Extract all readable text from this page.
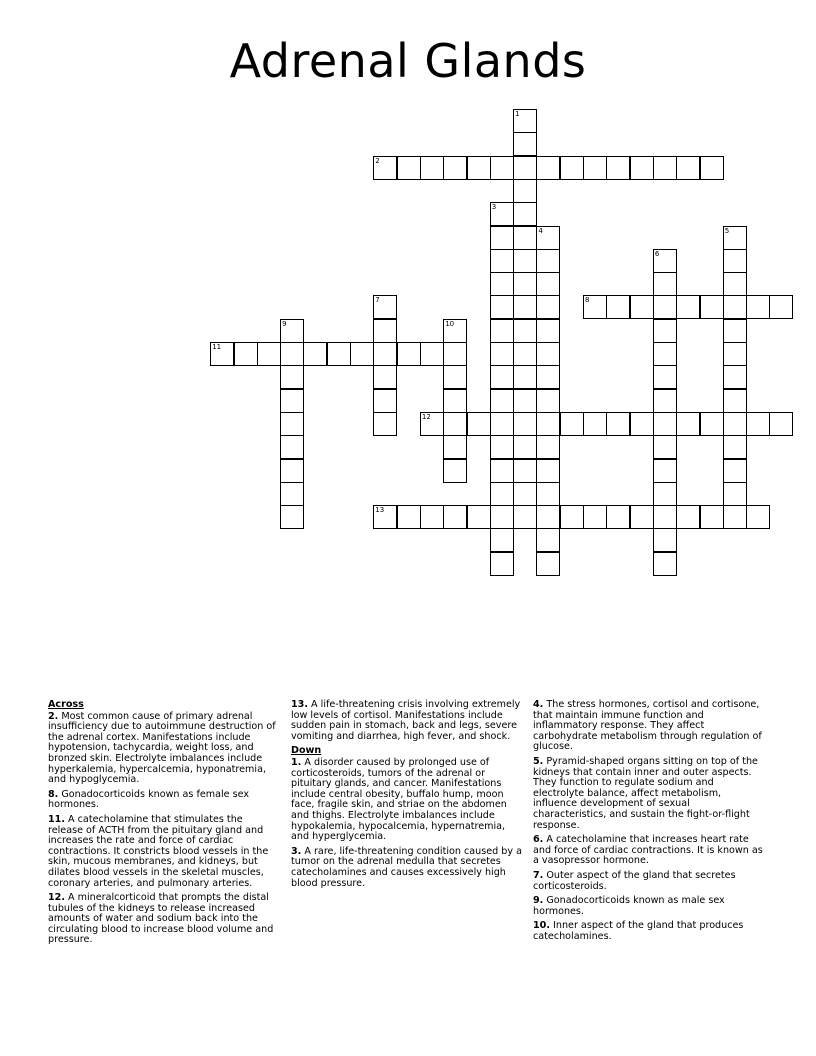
Adrenal Glands
1
2
3
4	5
6
7	8
9	10
11
12
13
Across
2. Most common cause of primary adrenal insufficiency due to autoimmune destruction of the adrenal cortex. Manifestations include hypotension, tachycardia, weight loss, and bronzed skin. Electrolyte imbalances include hyperkalemia, hypercalcemia, hyponatremia, and hypoglycemia.
8. Gonadocorticoids known as female sex hormones.
11. A catecholamine that stimulates the release of ACTH from the pituitary gland and increases the rate and force of cardiac contractions. It constricts blood vessels in the skin, mucous membranes, and kidneys, but dilates blood vessels in the skeletal muscles, coronary arteries, and pulmonary arteries.
12. A mineralcorticoid that prompts the distal tubules of the kidneys to release increased amounts of water and sodium back into the circulating blood to increase blood volume and pressure.
13. A life-threatening crisis involving extremely low levels of cortisol. Manifestations include sudden pain in stomach, back and legs, severe vomiting and diarrhea, high fever, and shock.
Down
1. A disorder caused by prolonged use of corticosteroids, tumors of the adrenal or pituitary glands, and cancer. Manifestations include central obesity, buffalo hump, moon face, fragile skin, and striae on the abdomen and thighs. Electrolyte imbalances include hypokalemia, hypocalcemia, hypernatremia, and hyperglycemia.
3. A rare, life-threatening condition caused by a tumor on the adrenal medulla that secretes catecholamines and causes excessively high blood pressure.
4. The stress hormones, cortisol and cortisone, that maintain immune function and inflammatory response. They affect carbohydrate metabolism through regulation of glucose.
5. Pyramid-shaped organs sitting on top of the kidneys that contain inner and outer aspects. They function to regulate sodium and electrolyte balance, affect metabolism, influence development of sexual characteristics, and sustain the fight-or-flight response.
6. A catecholamine that increases heart rate and force of cardiac contractions. It is known as a vasopressor hormone.
7. Outer aspect of the gland that secretes corticosteroids.
9. Gonadocorticoids known as male sex hormones.
10. Inner aspect of the gland that produces catecholamines.
